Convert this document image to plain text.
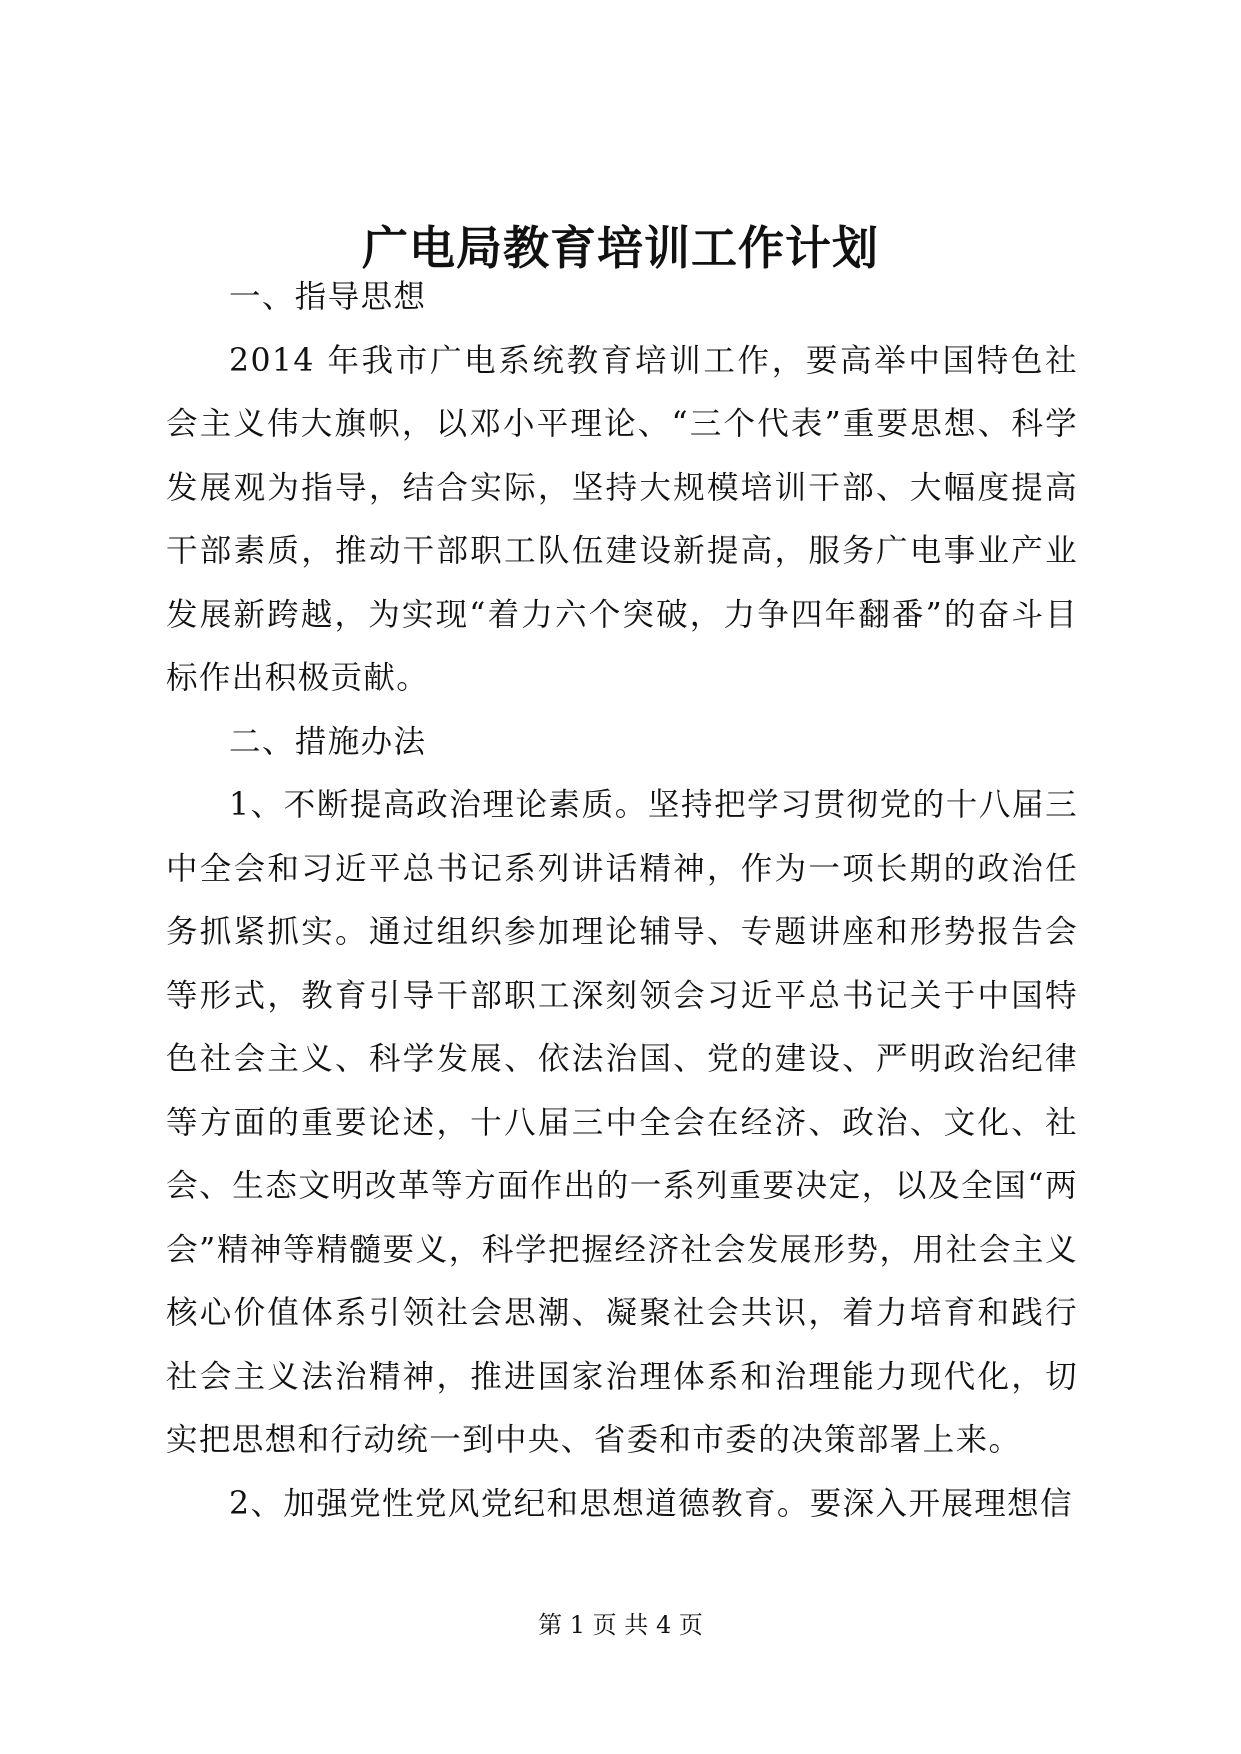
广电局教育培训工作计划

一、指导思想

2014 年我市广电系统教育培训工作，要高举中国特色社会主义伟大旗帜，以邓小平理论、“三个代表”重要思想、科学发展观为指导，结合实际，坚持大规模培训干部、大幅度提高干部素质，推动干部职工队伍建设新提高，服务广电事业产业发展新跨越，为实现“着力六个突破，力争四年翻番”的奋斗目标作出积极贡献。

二、措施办法

1、不断提高政治理论素质。坚持把学习贯彻党的十八届三中全会和习近平总书记系列讲话精神，作为一项长期的政治任务抓紧抓实。通过组织参加理论辅导、专题讲座和形势报告会等形式，教育引导干部职工深刻领会习近平总书记关于中国特色社会主义、科学发展、依法治国、党的建设、严明政治纪律等方面的重要论述，十八届三中全会在经济、政治、文化、社会、生态文明改革等方面作出的一系列重要决定，以及全国“两会”精神等精髓要义，科学把握经济社会发展形势，用社会主义核心价值体系引领社会思潮、凝聚社会共识，着力培育和践行社会主义法治精神，推进国家治理体系和治理能力现代化，切实把思想和行动统一到中央、省委和市委的决策部署上来。

2、加强党性党风党纪和思想道德教育。要深入开展理想信

第 1 页 共 4 页
